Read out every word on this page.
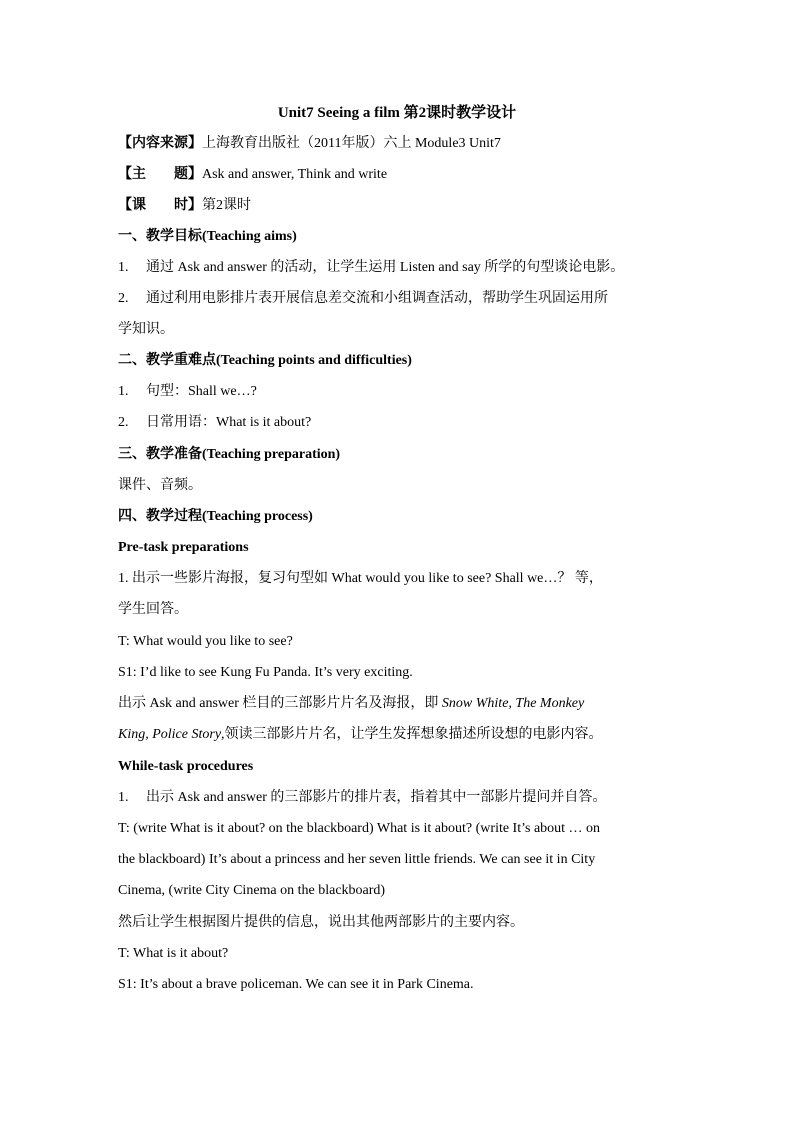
Unit7 Seeing a film 第2课时教学设计
【内容来源】上海教育出版社（2011年版）六上 Module3 Unit7
【主　　题】Ask and answer, Think and write
【课　　时】第2课时
一、教学目标(Teaching aims)
1. 通过 Ask and answer 的活动，让学生运用 Listen and say 所学的句型谈论电影。
2. 通过利用电影排片表开展信息差交流和小组调查活动，帮助学生巩固运用所
学知识。
二、教学重难点(Teaching points and difficulties)
1. 句型：Shall we…?
2. 日常用语：What is it about?
三、教学准备(Teaching preparation)
课件、音频。
四、教学过程(Teaching process)
Pre-task preparations
1. 出示一些影片海报，复习句型如 What would you like to see? Shall we…？ 等，
学生回答。
T: What would you like to see?
S1: I’d like to see Kung Fu Panda. It’s very exciting.
出示 Ask and answer 栏目的三部影片片名及海报，即 Snow White, The Monkey
King, Police Story,领读三部影片片名，让学生发挥想象描述所设想的电影内容。
While-task procedures
1. 出示 Ask and answer 的三部影片的排片表，指着其中一部影片提问并自答。
T: (write What is it about? on the blackboard) What is it about? (write It’s about … on
the blackboard) It’s about a princess and her seven little friends. We can see it in City
Cinema, (write City Cinema on the blackboard)
然后让学生根据图片提供的信息，说出其他两部影片的主要内容。
T: What is it about?
S1: It’s about a brave policeman. We can see it in Park Cinema.
